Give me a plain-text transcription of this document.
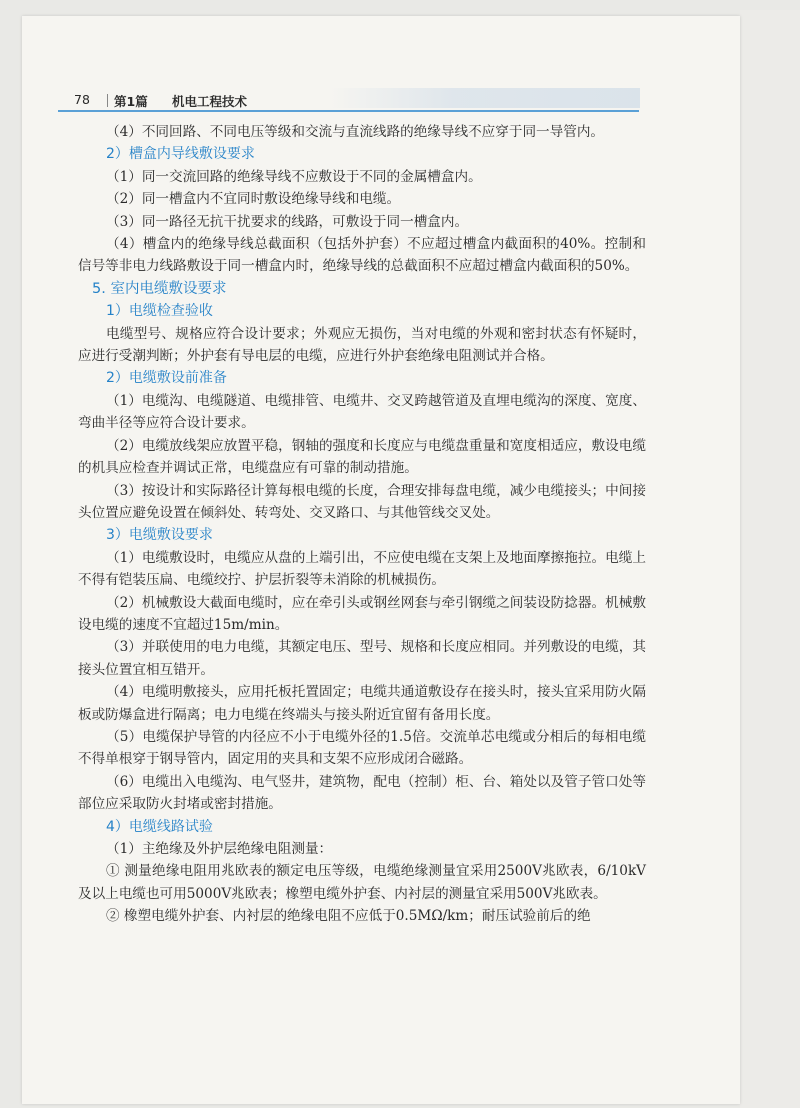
78 第1篇 机电工程技术

（4）不同回路、不同电压等级和交流与直流线路的绝缘导线不应穿于同一导管内。

2）槽盒内导线敷设要求

（1）同一交流回路的绝缘导线不应敷设于不同的金属槽盒内。

（2）同一槽盒内不宜同时敷设绝缘导线和电缆。

（3）同一路径无抗干扰要求的线路，可敷设于同一槽盒内。

（4）槽盒内的绝缘导线总截面积（包括外护套）不应超过槽盒内截面积的40%。控制和信号等非电力线路敷设于同一槽盒内时，绝缘导线的总截面积不应超过槽盒内截面积的50%。

5. 室内电缆敷设要求
1）电缆检查验收

电缆型号、规格应符合设计要求；外观应无损伤，当对电缆的外观和密封状态有怀疑时，应进行受潮判断；外护套有导电层的电缆，应进行外护套绝缘电阻测试并合格。

2）电缆敷设前准备

（1）电缆沟、电缆隧道、电缆排管、电缆井、交叉跨越管道及直埋电缆沟的深度、宽度、弯曲半径等应符合设计要求。

（2）电缆放线架应放置平稳，钢轴的强度和长度应与电缆盘重量和宽度相适应，敷设电缆的机具应检查并调试正常，电缆盘应有可靠的制动措施。

（3）按设计和实际路径计算每根电缆的长度，合理安排每盘电缆，减少电缆接头；中间接头位置应避免设置在倾斜处、转弯处、交叉路口、与其他管线交叉处。

3）电缆敷设要求

（1）电缆敷设时，电缆应从盘的上端引出，不应使电缆在支架上及地面摩擦拖拉。电缆上不得有铠装压扁、电缆绞拧、护层折裂等未消除的机械损伤。

（2）机械敷设大截面电缆时，应在牵引头或钢丝网套与牵引钢缆之间装设防捻器。机械敷设电缆的速度不宜超过15m/min。

（3）并联使用的电力电缆，其额定电压、型号、规格和长度应相同。并列敷设的电缆，其接头位置宜相互错开。

（4）电缆明敷接头，应用托板托置固定；电缆共通道敷设存在接头时，接头宜采用防火隔板或防爆盒进行隔离；电力电缆在终端头与接头附近宜留有备用长度。

（5）电缆保护导管的内径应不小于电缆外径的1.5倍。交流单芯电缆或分相后的每相电缆不得单根穿于钢导管内，固定用的夹具和支架不应形成闭合磁路。

（6）电缆出入电缆沟、电气竖井，建筑物，配电（控制）柜、台、箱处以及管子管口处等部位应采取防火封堵或密封措施。

4）电缆线路试验

（1）主绝缘及外护层绝缘电阻测量：

① 测量绝缘电阻用兆欧表的额定电压等级，电缆绝缘测量宜采用2500V兆欧表，6/10kV及以上电缆也可用5000V兆欧表；橡塑电缆外护套、内衬层的测量宜采用500V兆欧表。

② 橡塑电缆外护套、内衬层的绝缘电阻不应低于0.5MΩ/km；耐压试验前后的绝
